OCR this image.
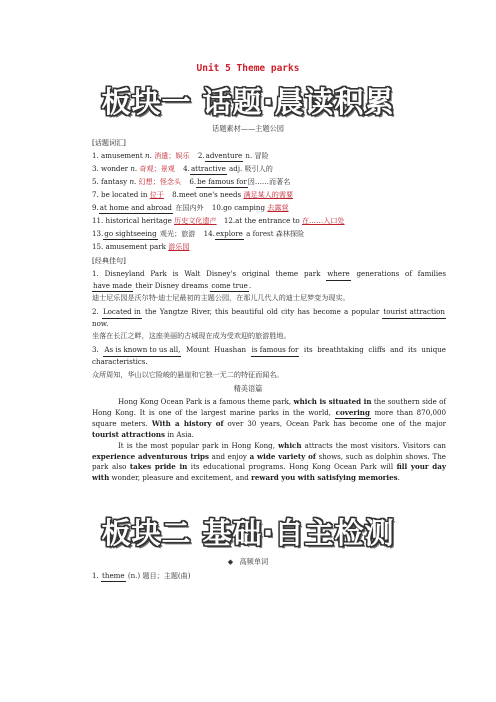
Unit 5 Theme parks
板块一 话题·晨读积累
话题素材——主题公园
[话题词汇]
1. amusement n. 消遣；娱乐 2.adventure n. 冒险
3. wonder n. 奇观；景观 4.attractive adj. 吸引人的
5. fantasy n. 幻想；怪念头 6.be famous for因……而著名
7. be located in 位于 8.meet one's needs 满足某人的需要
9.at home and abroad 在国内外 10.go camping 去露营
11. historical heritage 历史文化遗产 12.at the entrance to 在……入口处
13.go sightseeing 观光；旅游 14.explore a forest 森林探险
15. amusement park 游乐园
[经典佳句]
1. Disneyland Park is Walt Disney's original theme park where generations of families have made their Disney dreams come true.
迪士尼乐园是沃尔特·迪士尼最初的主题公园，在那儿几代人的迪士尼梦变为现实。
2. Located in the Yangtze River, this beautiful old city has become a popular tourist attraction now.
坐落在长江之畔，这座美丽的古城现在成为受欢迎的旅游胜地。
3. As is known to us all, Mount Huashan is famous for its breathtaking cliffs and its unique characteristics.
众所周知，华山以它险峻的悬崖和它独一无二的特征而闻名。
精美语篇
Hong Kong Ocean Park is a famous theme park, which is situated in the southern side of Hong Kong. It is one of the largest marine parks in the world, covering more than 870,000 square meters. With a history of over 30 years, Ocean Park has become one of the major tourist attractions in Asia.
It is the most popular park in Hong Kong, which attracts the most visitors. Visitors can experience adventurous trips and enjoy a wide variety of shows, such as dolphin shows. The park also takes pride in its educational programs. Hong Kong Ocean Park will fill your day with wonder, pleasure and excitement, and reward you with satisfying memories.
板块二 基础·自主检测
◆ 高频单词
1. theme (n.) 题目；主题(曲)
